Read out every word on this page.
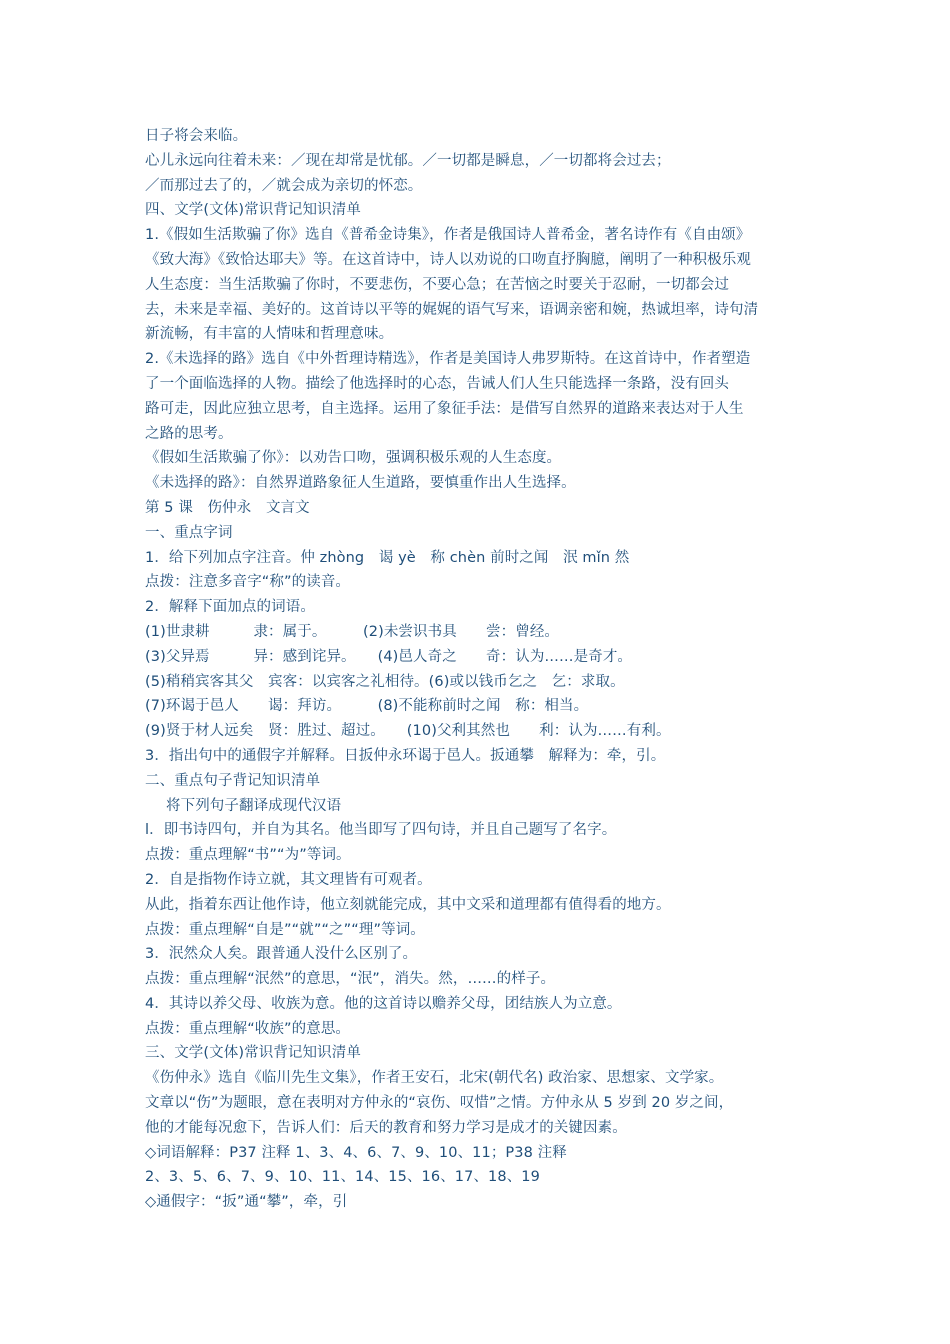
日子将会来临。
心儿永远向往着未来：／现在却常是忧郁。／一切都是瞬息，／一切都将会过去；
／而那过去了的，／就会成为亲切的怀恋。
四、文学(文体)常识背记知识清单
1.《假如生活欺骗了你》选自《普希金诗集》，作者是俄国诗人普希金，著名诗作有《自由颂》
《致大海》《致恰达耶夫》等。在这首诗中，诗人以劝说的口吻直抒胸臆，阐明了一种积极乐观
人生态度：当生活欺骗了你时，不要悲伤，不要心急；在苦恼之时要关于忍耐，一切都会过
去，未来是幸福、美好的。这首诗以平等的娓娓的语气写来，语调亲密和婉，热诚坦率，诗句清
新流畅，有丰富的人情味和哲理意味。
2.《未选择的路》选自《中外哲理诗精选》，作者是美国诗人弗罗斯特。在这首诗中，作者塑造
了一个面临选择的人物。描绘了他选择时的心态，告诫人们人生只能选择一条路，没有回头
路可走，因此应独立思考，自主选择。运用了象征手法：是借写自然界的道路来表达对于人生
之路的思考。
《假如生活欺骗了你》：以劝告口吻，强调积极乐观的人生态度。
《未选择的路》：自然界道路象征人生道路，要慎重作出人生选择。
第 5 课　伤仲永　文言文
一、重点字词
1．给下列加点字注音。仲 zhòng　谒 yè　称 chèn 前时之闻　泯 mǐn 然
点拨：注意多音字“称”的读音。
2．解释下面加点的词语。
(1)世隶耕　　　隶：属于。　　　(2)未尝识书具　　尝：曾经。
(3)父异焉　　　异：感到诧异。　　(4)邑人奇之　　奇：认为……是奇才。
(5)稍稍宾客其父　宾客：以宾客之礼相待。(6)或以钱币乞之　乞：求取。
(7)环谒于邑人　　谒：拜访。　　　(8)不能称前时之闻　称：相当。
(9)贤于材人远矣　贤：胜过、超过。　　(10)父利其然也　　利：认为……有利。
3．指出句中的通假字并解释。日扳仲永环谒于邑人。扳通攀　解释为：牵，引。
二、重点句子背记知识清单
将下列句子翻译成现代汉语
l．即书诗四句，并自为其名。他当即写了四句诗，并且自己题写了名字。
点拨：重点理解“书”“为”等词。
2．自是指物作诗立就，其文理皆有可观者。
从此，指着东西让他作诗，他立刻就能完成，其中文采和道理都有值得看的地方。
点拨：重点理解“自是”“就”“之”“理”等词。
3．泯然众人矣。跟普通人没什么区别了。
点拨：重点理解“泯然”的意思，“泯”，消失。然，……的样子。
4．其诗以养父母、收族为意。他的这首诗以赡养父母，团结族人为立意。
点拨：重点理解“收族”的意思。
三、文学(文体)常识背记知识清单
《伤仲永》选自《临川先生文集》，作者王安石，北宋(朝代名) 政治家、思想家、文学家。
文章以“伤”为题眼，意在表明对方仲永的“哀伤、叹惜”之情。方仲永从 5 岁到 20 岁之间，
他的才能每况愈下，告诉人们：后天的教育和努力学习是成才的关键因素。
◇词语解释：P37 注释 1、3、4、6、7、9、10、11；P38 注释
2、3、5、6、7、9、10、11、14、15、16、17、18、19
◇通假字：“扳”通“攀”，牵，引
